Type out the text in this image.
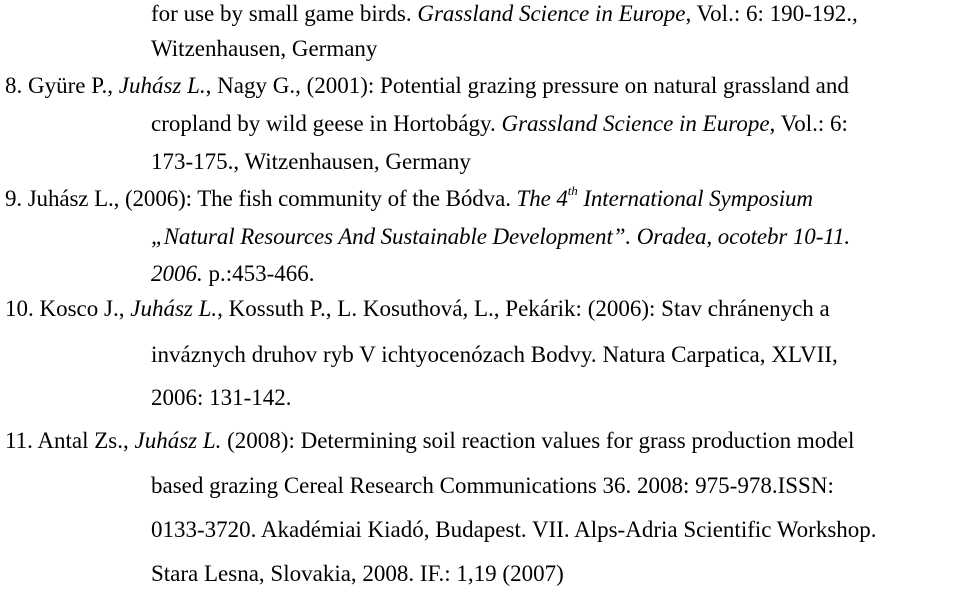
for use by small game birds. Grassland Science in Europe, Vol.: 6: 190-192.,
Witzenhausen, Germany
8. Gyüre P., Juhász L., Nagy G., (2001): Potential grazing pressure on natural grassland and
cropland by wild geese in Hortobágy. Grassland Science in Europe, Vol.: 6:
173-175., Witzenhausen, Germany
9. Juhász L., (2006): The fish community of the Bódva. The 4th International Symposium
„Natural Resources And Sustainable Development”. Oradea, ocotebr 10-11.
2006. p.:453-466.
10. Kosco J., Juhász L., Kossuth P., L. Kosuthová, L., Pekárik: (2006): Stav chránenych a
inváznych druhov ryb V ichtyocenózach Bodvy. Natura Carpatica, XLVII,
2006: 131-142.
11. Antal Zs., Juhász L. (2008): Determining soil reaction values for grass production model
based grazing Cereal Research Communications 36. 2008: 975-978.ISSN:
0133-3720. Akadémiai Kiadó, Budapest. VII. Alps-Adria Scientific Workshop.
Stara Lesna, Slovakia, 2008. IF.: 1,19 (2007)
